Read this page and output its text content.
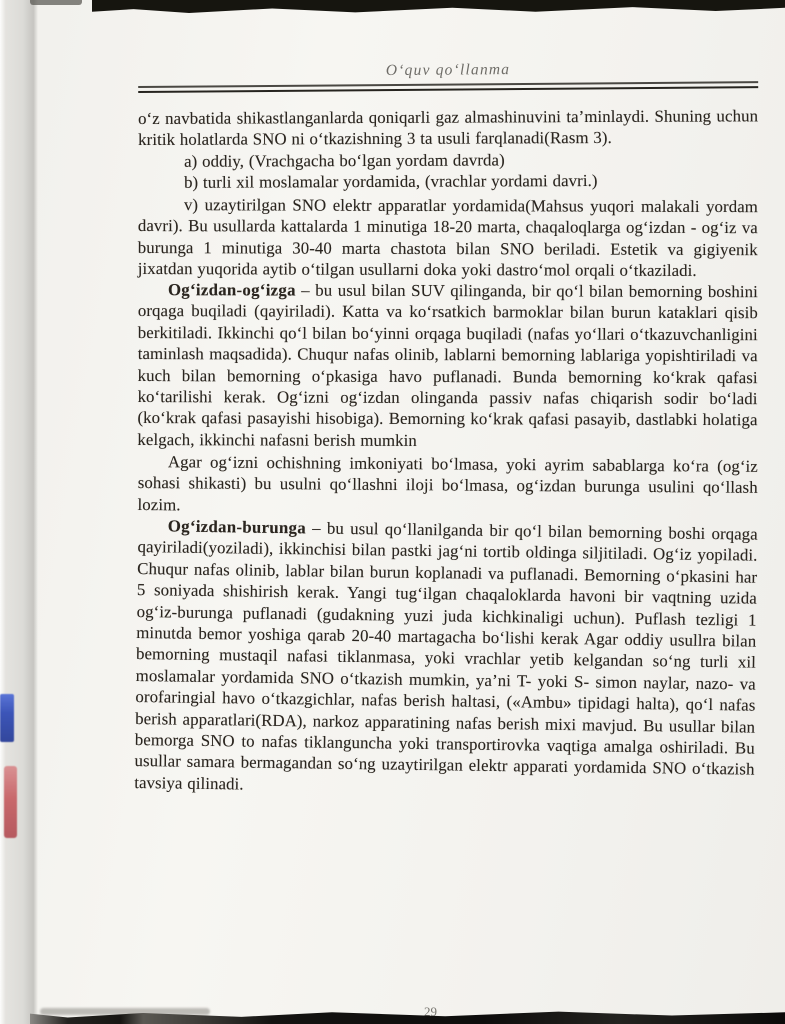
O‘quv qo‘llanma

o‘z navbatida shikastlanganlarda qoniqarli gaz almashinuvini ta’minlaydi. Shuning uchun kritik holatlarda SNO ni o‘tkazishning 3 ta usuli farqlanadi(Rasm 3).

a) oddiy, (Vrachgacha bo‘lgan yordam davrda)

b) turli xil moslamalar yordamida, (vrachlar yordami davri.)

v) uzaytirilgan SNO elektr apparatlar yordamida(Mahsus yuqori malakali yordam davri). Bu usullarda kattalarda 1 minutiga 18-20 marta, chaqaloqlarga og‘izdan - og‘iz va burunga 1 minutiga 30-40 marta chastota bilan SNO beriladi. Estetik va gigiyenik jixatdan yuqorida aytib o‘tilgan usullarni doka yoki dastro‘mol orqali o‘tkaziladi.

Og‘izdan-og‘izga – bu usul bilan SUV qilinganda, bir qo‘l bilan bemorning boshini orqaga buqiladi (qayiriladi). Katta va ko‘rsatkich barmoklar bilan burun kataklari qisib berkitiladi. Ikkinchi qo‘l bilan bo‘yinni orqaga buqiladi (nafas yo‘llari o‘tkazuvchanligini taminlash maqsadida). Chuqur nafas olinib, lablarni bemorning lablariga yopishtiriladi va kuch bilan bemorning o‘pkasiga havo puflanadi. Bunda bemorning ko‘krak qafasi ko‘tarilishi kerak. Og‘izni og‘izdan olinganda passiv nafas chiqarish sodir bo‘ladi (ko‘krak qafasi pasayishi hisobiga). Bemorning ko‘krak qafasi pasayib, dastlabki holatiga kelgach, ikkinchi nafasni berish mumkin

Agar og‘izni ochishning imkoniyati bo‘lmasa, yoki ayrim sabablarga ko‘ra (og‘iz sohasi shikasti) bu usulni qo‘llashni iloji bo‘lmasa, og‘izdan burunga usulini qo‘llash lozim.

Og‘izdan-burunga – bu usul qo‘llanilganda bir qo‘l bilan bemorning boshi orqaga qayiriladi(yoziladi), ikkinchisi bilan pastki jag‘ni tortib oldinga siljitiladi. Og‘iz yopiladi. Chuqur nafas olinib, lablar bilan burun koplanadi va puflanadi. Bemorning o‘pkasini har 5 soniyada shishirish kerak. Yangi tug‘ilgan chaqaloklarda havoni bir vaqtning uzida og‘iz-burunga puflanadi (gudakning yuzi juda kichkinaligi uchun). Puflash tezligi 1 minutda bemor yoshiga qarab 20-40 martagacha bo‘lishi kerak Agar oddiy usullra bilan bemorning mustaqil nafasi tiklanmasa, yoki vrachlar yetib kelgandan so‘ng turli xil moslamalar yordamida SNO o‘tkazish mumkin, ya’ni T- yoki S- simon naylar, nazo- va orofaringial havo o‘tkazgichlar, nafas berish haltasi, («Ambu» tipidagi halta), qo‘l nafas berish apparatlari(RDA), narkoz apparatining nafas berish mixi mavjud. Bu usullar bilan bemorga SNO to nafas tiklanguncha yoki transportirovka vaqtiga amalga oshiriladi. Bu usullar samara bermagandan so‘ng uzaytirilgan elektr apparati yordamida SNO o‘tkazish tavsiya qilinadi.

29
